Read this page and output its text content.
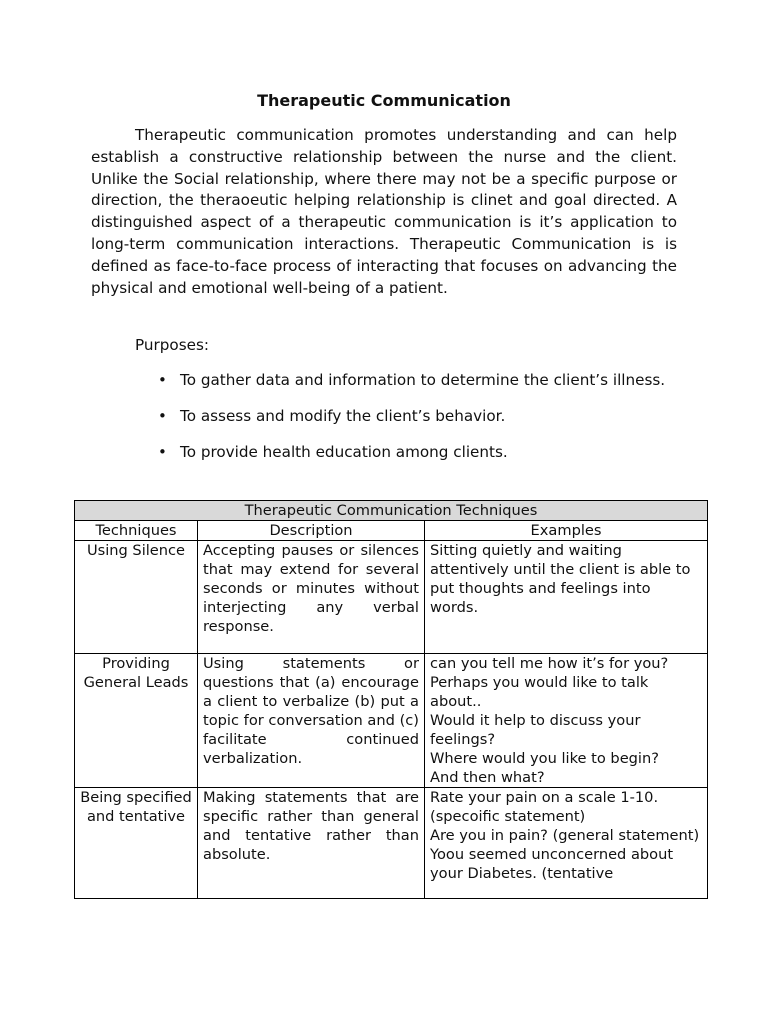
Therapeutic Communication

Therapeutic communication promotes understanding and can help establish a constructive relationship between the nurse and the client. Unlike the Social relationship, where there may not be a specific purpose or direction, the theraoeutic helping relationship is clinet and goal directed. A distinguished aspect of a therapeutic communication is it’s application to long-term communication interactions. Therapeutic Communication is is defined as face-to-face process of interacting that focuses on advancing the physical and emotional well-being of a patient.

Purposes:
• To gather data and information to determine the client’s illness.
• To assess and modify the client’s behavior.
• To provide health education among clients.
Therapeutic Communication Techniques		
Techniques	Description	Examples
Using Silence	Accepting pauses or silences that may extend for several seconds or minutes without interjecting any verbal response.	Sitting quietly and waiting attentively until the client is able to put thoughts and feelings into words.

Providing General Leads	Using statements or questions that (a) encourage a client to verbalize (b) put a topic for conversation and (c) facilitate continued verbalization.	can you tell me how it’s for you?
Perhaps you would like to talk about..
Would it help to discuss your feelings?
Where would you like to begin?
And then what?

Being specified and tentative	Making statements that are specific rather than general and tentative rather than absolute.	Rate your pain on a scale 1-10. (specoific statement)
Are you in pain? (general statement)
Yoou seemed unconcerned about your Diabetes. (tentative
